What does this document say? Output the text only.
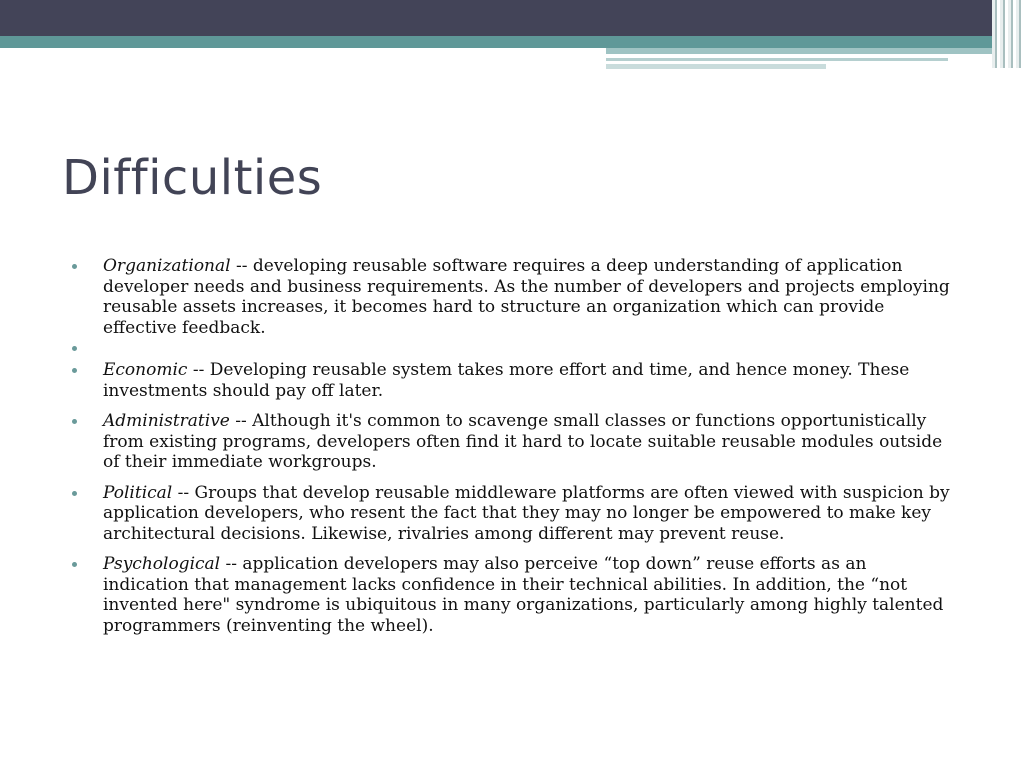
Difficulties
Organizational -- developing reusable software requires a deep understanding of application developer needs and business requirements. As the number of developers and projects employing reusable assets increases, it becomes hard to structure an organization which can provide effective feedback.
Economic -- Developing reusable system takes more effort and time, and hence money. These investments should pay off later.
Administrative -- Although it's common to scavenge small classes or functions opportunistically from existing programs, developers often find it hard to locate suitable reusable modules outside of their immediate workgroups.
Political -- Groups that develop reusable middleware platforms are often viewed with suspicion by application developers, who resent the fact that they may no longer be empowered to make key architectural decisions. Likewise, rivalries among different may prevent reuse.
Psychological -- application developers may also perceive “top down” reuse efforts as an indication that management lacks confidence in their technical abilities. In addition, the “not invented here" syndrome is ubiquitous in many organizations, particularly among highly talented programmers (reinventing the wheel).
